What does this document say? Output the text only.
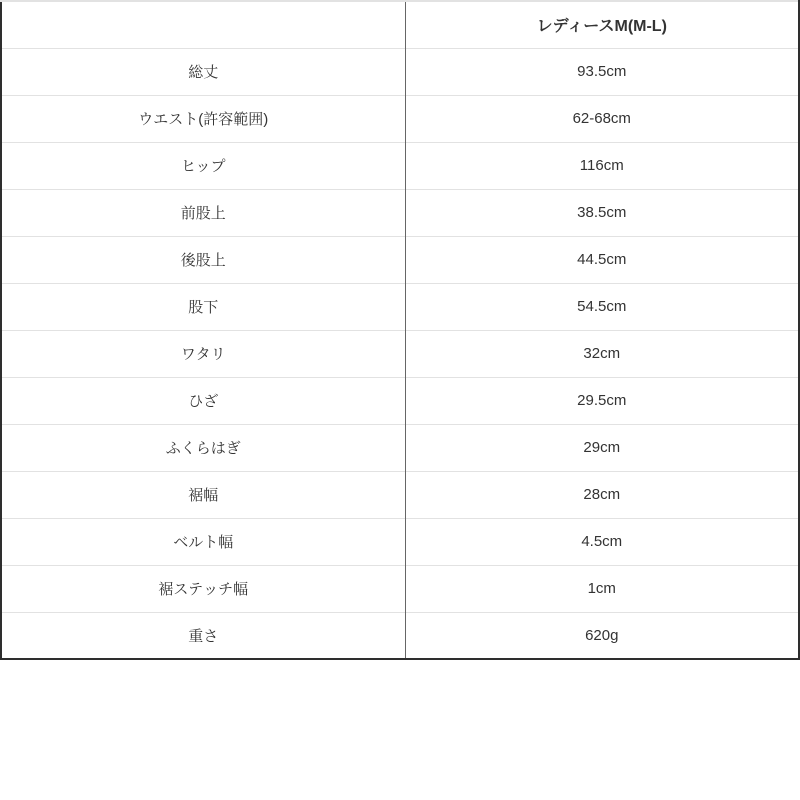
	レディースM(M-L)
総丈	93.5cm
ウエスト(許容範囲)	62-68cm
ヒップ	116cm
前股上	38.5cm
後股上	44.5cm
股下	54.5cm
ワタリ	32cm
ひざ	29.5cm
ふくらはぎ	29cm
裾幅	28cm
ベルト幅	4.5cm
裾ステッチ幅	1cm
重さ	620g
